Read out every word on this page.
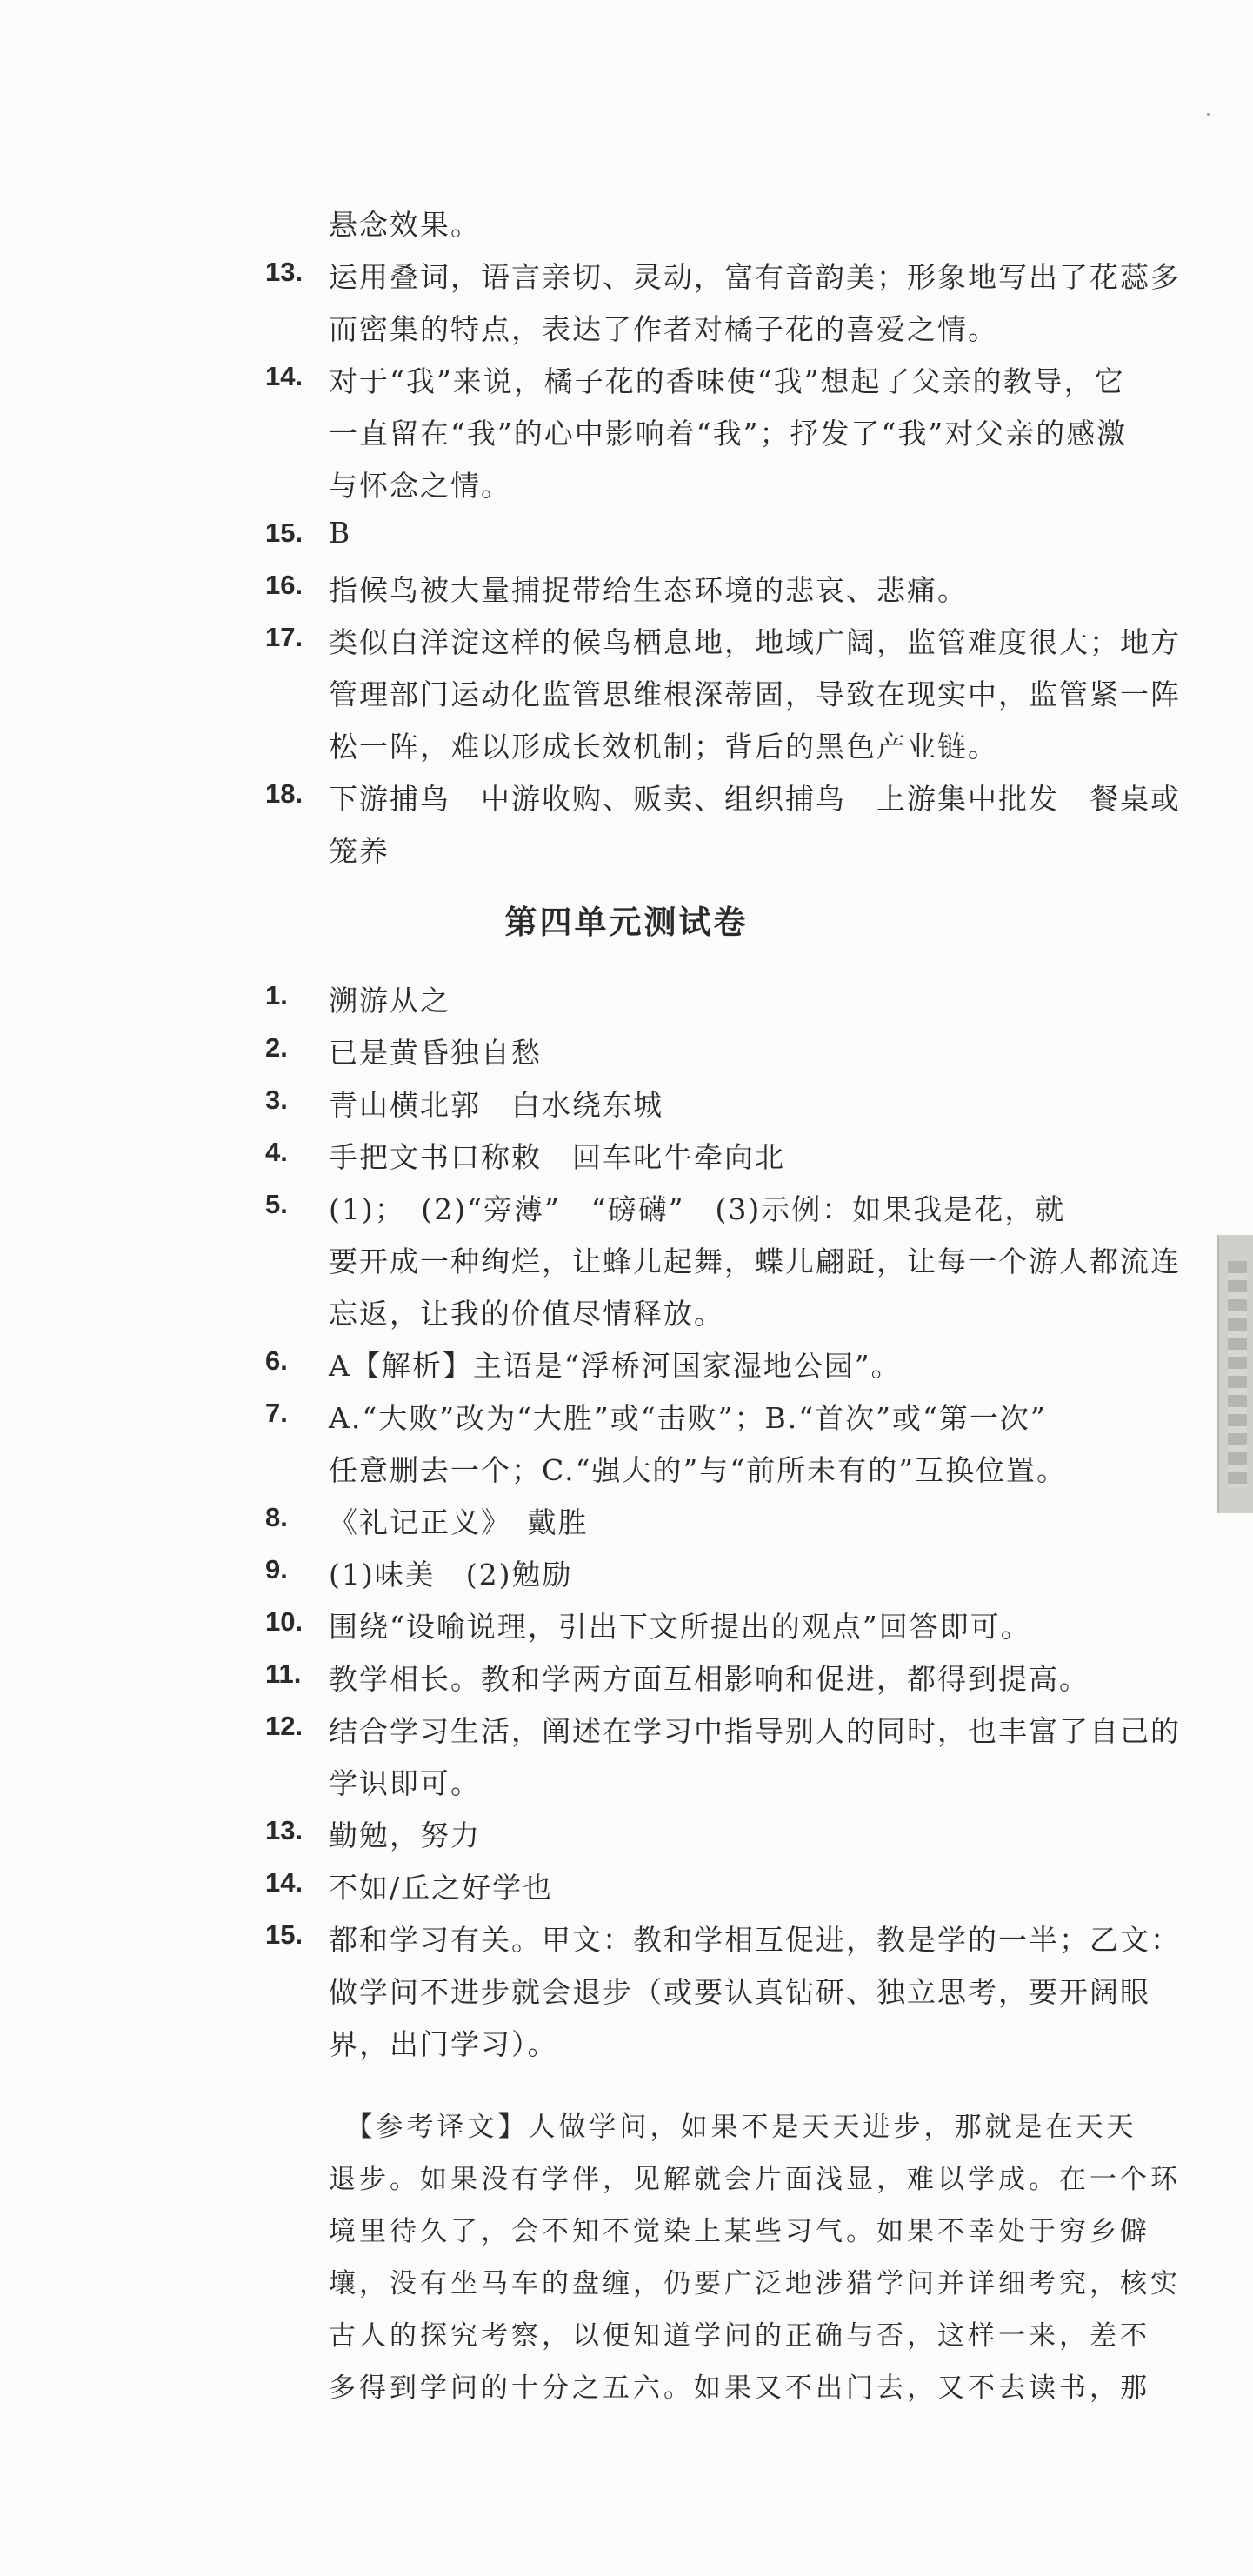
悬念效果。
13. 运用叠词，语言亲切、灵动，富有音韵美；形象地写出了花蕊多
而密集的特点，表达了作者对橘子花的喜爱之情。
14. 对于“我”来说，橘子花的香味使“我”想起了父亲的教导，它
一直留在“我”的心中影响着“我”；抒发了“我”对父亲的感激
与怀念之情。
15. B
16. 指候鸟被大量捕捉带给生态环境的悲哀、悲痛。
17. 类似白洋淀这样的候鸟栖息地，地域广阔，监管难度很大；地方
管理部门运动化监管思维根深蒂固，导致在现实中，监管紧一阵
松一阵，难以形成长效机制；背后的黑色产业链。
18. 下游捕鸟　中游收购、贩卖、组织捕鸟　上游集中批发　餐桌或
笼养
第四单元测试卷
1.	溯游从之
2.	已是黄昏独自愁
3.	青山横北郭　白水绕东城
4.	手把文书口称敕　回车叱牛牵向北
5.	(1)；　(2)“旁薄”　“磅礴”　(3)示例：如果我是花，就
要开成一种绚烂，让蜂儿起舞，蝶儿翩跹，让每一个游人都流连
忘返，让我的价值尽情释放。
6.	A【解析】主语是“浮桥河国家湿地公园”。
7.	A.“大败”改为“大胜”或“击败”；B.“首次”或“第一次”
任意删去一个；C.“强大的”与“前所未有的”互换位置。
8.	《礼记正义》　戴胜
9.	(1)味美　(2)勉励
10. 围绕“设喻说理，引出下文所提出的观点”回答即可。
11. 教学相长。教和学两方面互相影响和促进，都得到提高。
12. 结合学习生活，阐述在学习中指导别人的同时，也丰富了自己的
学识即可。
13. 勤勉，努力
14. 不如/丘之好学也
15. 都和学习有关。甲文：教和学相互促进，教是学的一半；乙文：
做学问不进步就会退步（或要认真钻研、独立思考，要开阔眼
界，出门学习）。
　【参考译文】人做学问，如果不是天天进步，那就是在天天
退步。如果没有学伴，见解就会片面浅显，难以学成。在一个环
境里待久了，会不知不觉染上某些习气。如果不幸处于穷乡僻
壤，没有坐马车的盘缠，仍要广泛地涉猎学问并详细考究，核实
古人的探究考察，以便知道学问的正确与否，这样一来，差不
多得到学问的十分之五六。如果又不出门去，又不去读书，那
